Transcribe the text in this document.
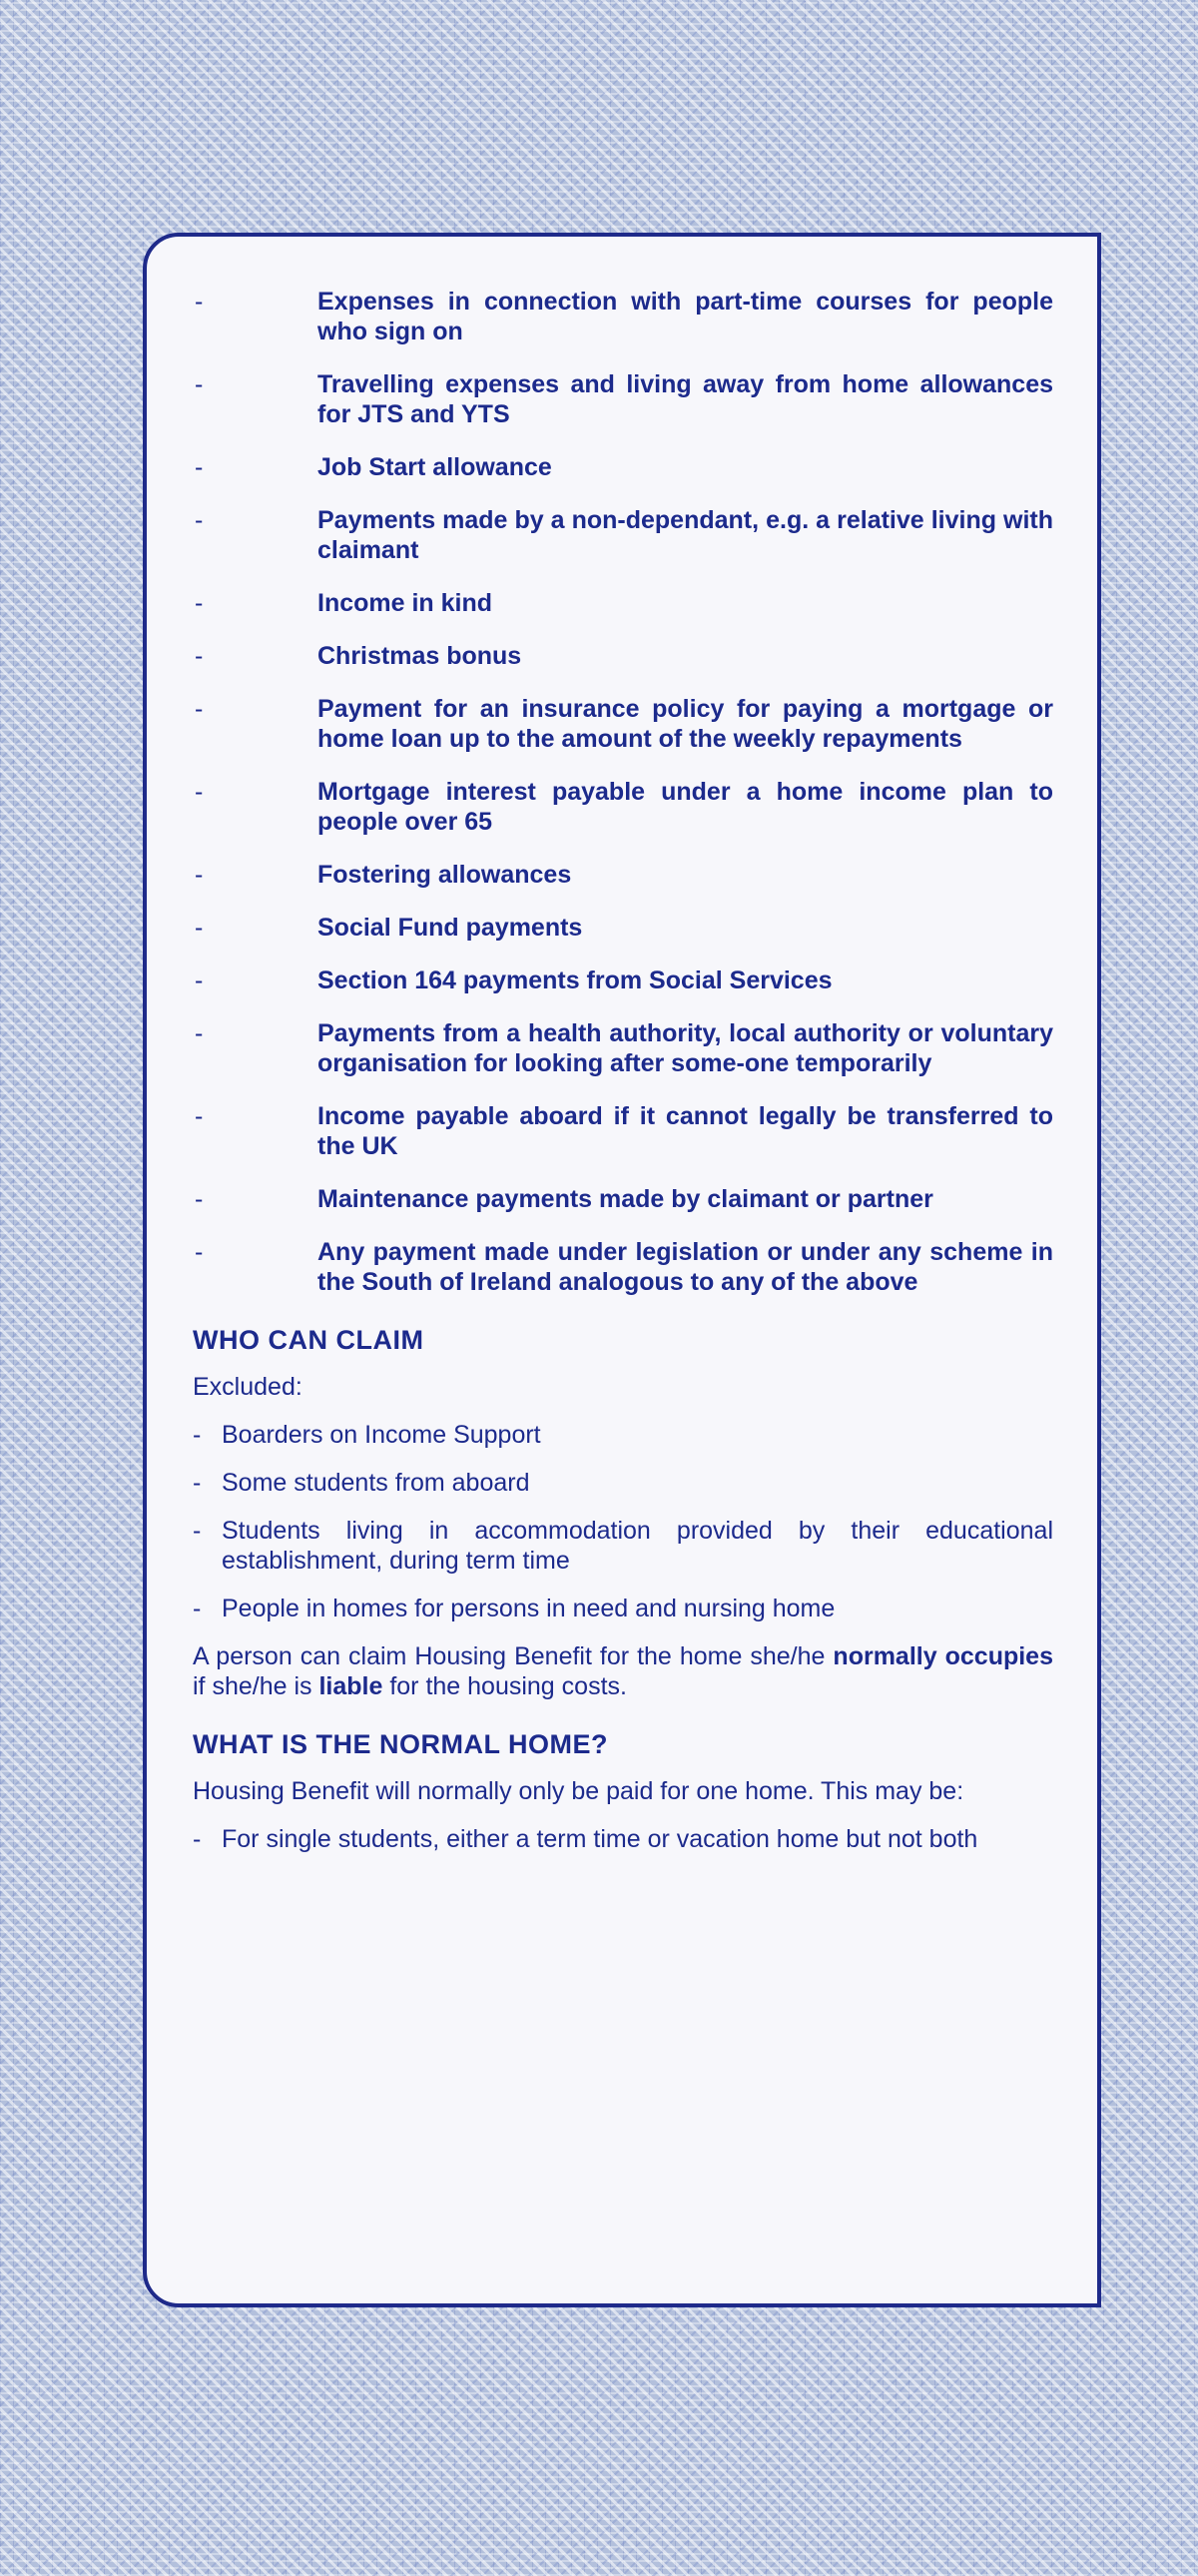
-	Expenses in connection with part-time courses for people who sign on
-	Travelling expenses and living away from home allowances for JTS and YTS
-	Job Start allowance
-	Payments made by a non-dependant, e.g. a relative living with claimant
-	Income in kind
-	Christmas bonus
-	Payment for an insurance policy for paying a mortgage or home loan up to the amount of the weekly repayments
-	Mortgage interest payable under a home income plan to people over 65
-	Fostering allowances
-	Social Fund payments
-	Section 164 payments from Social Services
-	Payments from a health authority, local authority or voluntary organisation for looking after some-one temporarily
-	Income payable aboard if it cannot legally be transferred to the UK
-	Maintenance payments made by claimant or partner
-	Any payment made under legislation or under any scheme in the South of Ireland analogous to any of the above
WHO CAN CLAIM

Excluded:

- Boarders on Income Support
- Some students from aboard
- Students living in accommodation provided by their educational establishment, during term time
- People in homes for persons in need and nursing home

A person can claim Housing Benefit for the home she/he normally occupies if she/he is liable for the housing costs.

WHAT IS THE NORMAL HOME?

Housing Benefit will normally only be paid for one home. This may be:

- For single students, either a term time or vacation home but not both
